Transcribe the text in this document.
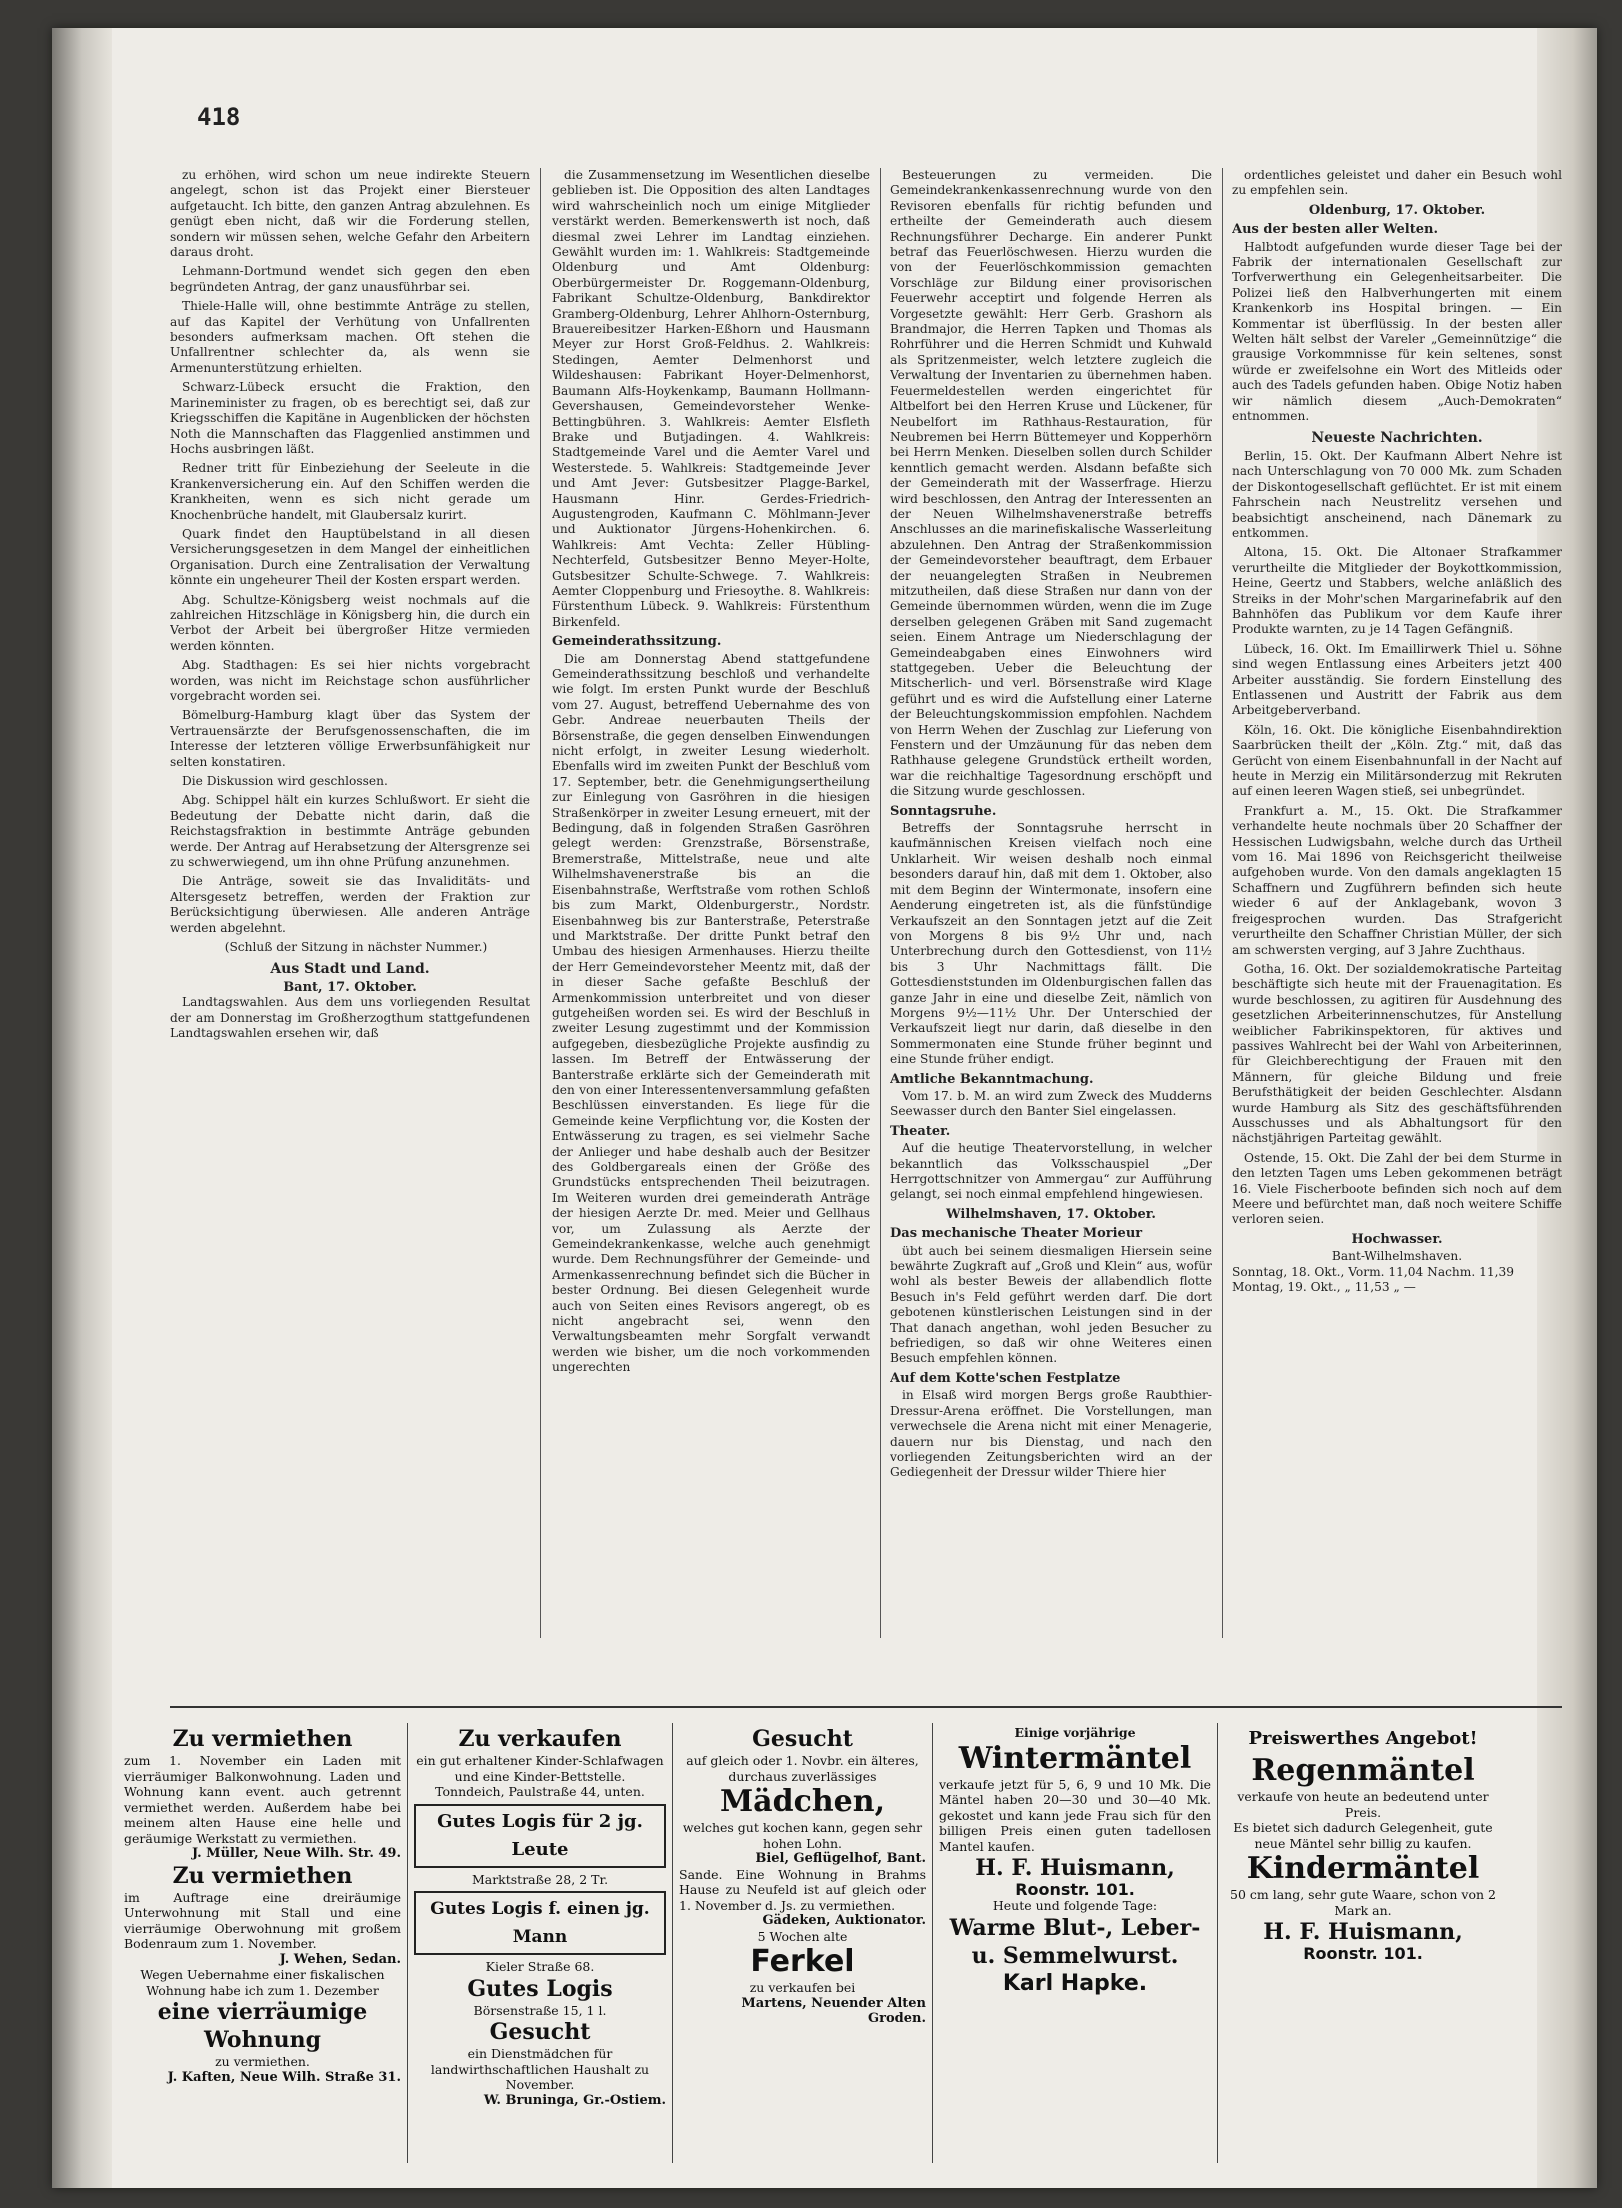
418

zu erhöhen, wird schon um neue indirekte Steuern angelegt, schon ist das Projekt einer Biersteuer aufgetaucht. Ich bitte, den ganzen Antrag abzulehnen. Es genügt eben nicht, daß wir die Forderung stellen, sondern wir müssen sehen, welche Gefahr den Arbeitern daraus droht.

Lehmann-Dortmund wendet sich gegen den eben begründeten Antrag, der ganz unausführbar sei.

Thiele-Halle will, ohne bestimmte Anträge zu stellen, auf das Kapitel der Verhütung von Unfallrenten besonders aufmerksam machen. Oft stehen die Unfallrentner schlechter da, als wenn sie Armenunterstützung erhielten.

Schwarz-Lübeck ersucht die Fraktion, den Marineminister zu fragen, ob es berechtigt sei, daß zur Kriegsschiffen die Kapitäne in Augenblicken der höchsten Noth die Mannschaften das Flaggenlied anstimmen und Hochs ausbringen läßt.

Redner tritt für Einbeziehung der Seeleute in die Krankenversicherung ein. Auf den Schiffen werden die Krankheiten, wenn es sich nicht gerade um Knochenbrüche handelt, mit Glaubersalz kurirt.

Quark findet den Hauptübelstand in all diesen Versicherungsgesetzen in dem Mangel der einheitlichen Organisation. Durch eine Zentralisation der Verwaltung könnte ein ungeheurer Theil der Kosten erspart werden.

Abg. Schultze-Königsberg weist nochmals auf die zahlreichen Hitzschläge in Königsberg hin, die durch ein Verbot der Arbeit bei übergroßer Hitze vermieden werden könnten.

Abg. Stadthagen: Es sei hier nichts vorgebracht worden, was nicht im Reichstage schon ausführlicher vorgebracht worden sei.

Bömelburg-Hamburg klagt über das System der Vertrauensärzte der Berufsgenossenschaften, die im Interesse der letzteren völlige Erwerbsunfähigkeit nur selten konstatiren.

Die Diskussion wird geschlossen.

Abg. Schippel hält ein kurzes Schlußwort. Er sieht die Bedeutung der Debatte nicht darin, daß die Reichstagsfraktion in bestimmte Anträge gebunden werde. Der Antrag auf Herabsetzung der Altersgrenze sei zu schwerwiegend, um ihn ohne Prüfung anzunehmen.

Die Anträge, soweit sie das Invaliditäts- und Altersgesetz betreffen, werden der Fraktion zur Berücksichtigung überwiesen. Alle anderen Anträge werden abgelehnt.

(Schluß der Sitzung in nächster Nummer.)

Aus Stadt und Land.
Bant, 17. Oktober.

Landtagswahlen. Aus dem uns vorliegenden Resultat der am Donnerstag im Großherzogthum stattgefundenen Landtagswahlen ersehen wir, daß

die Zusammensetzung im Wesentlichen dieselbe geblieben ist. Die Opposition des alten Landtages wird wahrscheinlich noch um einige Mitglieder verstärkt werden. Bemerkenswerth ist noch, daß diesmal zwei Lehrer im Landtag einziehen. Gewählt wurden im: 1. Wahlkreis: Stadtgemeinde Oldenburg und Amt Oldenburg: Oberbürgermeister Dr. Roggemann-Oldenburg, Fabrikant Schultze-Oldenburg, Bankdirektor Gramberg-Oldenburg, Lehrer Ahlhorn-Osternburg, Brauereibesitzer Harken-Eßhorn und Hausmann Meyer zur Horst Groß-Feldhus. 2. Wahlkreis: Stedingen, Aemter Delmenhorst und Wildeshausen: Fabrikant Hoyer-Delmenhorst, Baumann Alfs-Hoykenkamp, Baumann Hollmann-Gevershausen, Gemeindevorsteher Wenke-Bettingbühren. 3. Wahlkreis: Aemter Elsfleth Brake und Butjadingen. 4. Wahlkreis: Stadtgemeinde Varel und die Aemter Varel und Westerstede. 5. Wahlkreis: Stadtgemeinde Jever und Amt Jever: Gutsbesitzer Plagge-Barkel, Hausmann Hinr. Gerdes-Friedrich-Augustengroden, Kaufmann C. Möhlmann-Jever und Auktionator Jürgens-Hohenkirchen. 6. Wahlkreis: Amt Vechta: Zeller Hübling-Nechterfeld, Gutsbesitzer Benno Meyer-Holte, Gutsbesitzer Schulte-Schwege. 7. Wahlkreis: Aemter Cloppenburg und Friesoythe. 8. Wahlkreis: Fürstenthum Lübeck. 9. Wahlkreis: Fürstenthum Birkenfeld.

Gemeinderathssitzung.

Die am Donnerstag Abend stattgefundene Gemeinderathssitzung beschloß und verhandelte wie folgt. Im ersten Punkt wurde der Beschluß vom 27. August, betreffend Uebernahme des von Gebr. Andreae neuerbauten Theils der Börsenstraße, die gegen denselben Einwendungen nicht erfolgt, in zweiter Lesung wiederholt. Ebenfalls wird im zweiten Punkt der Beschluß vom 17. September, betr. die Genehmigungsertheilung zur Einlegung von Gasröhren in die hiesigen Straßenkörper in zweiter Lesung erneuert, mit der Bedingung, daß in folgenden Straßen Gasröhren gelegt werden: Grenzstraße, Börsenstraße, Bremerstraße, Mittelstraße, neue und alte Wilhelmshavenerstraße bis an die Eisenbahnstraße, Werftstraße vom rothen Schloß bis zum Markt, Oldenburgerstr., Nordstr. Eisenbahnweg bis zur Banterstraße, Peterstraße und Marktstraße. Der dritte Punkt betraf den Umbau des hiesigen Armenhauses. Hierzu theilte der Herr Gemeindevorsteher Meentz mit, daß der in dieser Sache gefaßte Beschluß der Armenkommission unterbreitet und von dieser gutgeheißen worden sei. Es wird der Beschluß in zweiter Lesung zugestimmt und der Kommission aufgegeben, diesbezügliche Projekte ausfindig zu lassen. Im Betreff der Entwässerung der Banterstraße erklärte sich der Gemeinderath mit den von einer Interessentenversammlung gefaßten Beschlüssen einverstanden. Es liege für die Gemeinde keine Verpflichtung vor, die Kosten der Entwässerung zu tragen, es sei vielmehr Sache der Anlieger und habe deshalb auch der Besitzer des Goldbergareals einen der Größe des Grundstücks entsprechenden Theil beizutragen. Im Weiteren wurden drei gemeinderath Anträge der hiesigen Aerzte Dr. med. Meier und Gellhaus vor, um Zulassung als Aerzte der Gemeindekrankenkasse, welche auch genehmigt wurde. Dem Rechnungsführer der Gemeinde- und Armenkassenrechnung befindet sich die Bücher in bester Ordnung. Bei diesen Gelegenheit wurde auch von Seiten eines Revisors angeregt, ob es nicht angebracht sei, wenn den Verwaltungsbeamten mehr Sorgfalt verwandt werden wie bisher, um die noch vorkommenden ungerechten

Besteuerungen zu vermeiden. Die Gemeindekrankenkassenrechnung wurde von den Revisoren ebenfalls für richtig befunden und ertheilte der Gemeinderath auch diesem Rechnungsführer Decharge. Ein anderer Punkt betraf das Feuerlöschwesen. Hierzu wurden die von der Feuerlöschkommission gemachten Vorschläge zur Bildung einer provisorischen Feuerwehr acceptirt und folgende Herren als Vorgesetzte gewählt: Herr Gerb. Grashorn als Brandmajor, die Herren Tapken und Thomas als Rohrführer und die Herren Schmidt und Kuhwald als Spritzenmeister, welch letztere zugleich die Verwaltung der Inventarien zu übernehmen haben. Feuermeldestellen werden eingerichtet für Altbelfort bei den Herren Kruse und Lückener, für Neubelfort im Rathhaus-Restauration, für Neubremen bei Herrn Büttemeyer und Kopperhörn bei Herrn Menken. Dieselben sollen durch Schilder kenntlich gemacht werden. Alsdann befaßte sich der Gemeinderath mit der Wasserfrage. Hierzu wird beschlossen, den Antrag der Interessenten an der Neuen Wilhelmshavenerstraße betreffs Anschlusses an die marinefiskalische Wasserleitung abzulehnen. Den Antrag der Straßenkommission der Gemeindevorsteher beauftragt, dem Erbauer der neuangelegten Straßen in Neubremen mitzutheilen, daß diese Straßen nur dann von der Gemeinde übernommen würden, wenn die im Zuge derselben gelegenen Gräben mit Sand zugemacht seien. Einem Antrage um Niederschlagung der Gemeindeabgaben eines Einwohners wird stattgegeben. Ueber die Beleuchtung der Mitscherlich- und verl. Börsenstraße wird Klage geführt und es wird die Aufstellung einer Laterne der Beleuchtungskommission empfohlen. Nachdem von Herrn Wehen der Zuschlag zur Lieferung von Fenstern und der Umzäunung für das neben dem Rathhause gelegene Grundstück ertheilt worden, war die reichhaltige Tagesordnung erschöpft und die Sitzung wurde geschlossen.

Sonntagsruhe.

Betreffs der Sonntagsruhe herrscht in kaufmännischen Kreisen vielfach noch eine Unklarheit. Wir weisen deshalb noch einmal besonders darauf hin, daß mit dem 1. Oktober, also mit dem Beginn der Wintermonate, insofern eine Aenderung eingetreten ist, als die fünfstündige Verkaufszeit an den Sonntagen jetzt auf die Zeit von Morgens 8 bis 9½ Uhr und, nach Unterbrechung durch den Gottesdienst, von 11½ bis 3 Uhr Nachmittags fällt. Die Gottesdienststunden im Oldenburgischen fallen das ganze Jahr in eine und dieselbe Zeit, nämlich von Morgens 9½—11½ Uhr. Der Unterschied der Verkaufszeit liegt nur darin, daß dieselbe in den Sommermonaten eine Stunde früher beginnt und eine Stunde früher endigt.

Amtliche Bekanntmachung.

Vom 17. b. M. an wird zum Zweck des Mudderns Seewasser durch den Banter Siel eingelassen.

Theater.

Auf die heutige Theatervorstellung, in welcher bekanntlich das Volksschauspiel „Der Herrgottschnitzer von Ammergau“ zur Aufführung gelangt, sei noch einmal empfehlend hingewiesen.

Wilhelmshaven, 17. Oktober.
Das mechanische Theater Morieur

übt auch bei seinem diesmaligen Hiersein seine bewährte Zugkraft auf „Groß und Klein“ aus, wofür wohl als bester Beweis der allabendlich flotte Besuch in's Feld geführt werden darf. Die dort gebotenen künstlerischen Leistungen sind in der That danach angethan, wohl jeden Besucher zu befriedigen, so daß wir ohne Weiteres einen Besuch empfehlen können.

Auf dem Kotte'schen Festplatze

in Elsaß wird morgen Bergs große Raubthier-Dressur-Arena eröffnet. Die Vorstellungen, man verwechsele die Arena nicht mit einer Menagerie, dauern nur bis Dienstag, und nach den vorliegenden Zeitungsberichten wird an der Gediegenheit der Dressur wilder Thiere hier

ordentliches geleistet und daher ein Besuch wohl zu empfehlen sein.

Oldenburg, 17. Oktober.
Aus der besten aller Welten.

Halbtodt aufgefunden wurde dieser Tage bei der Fabrik der internationalen Gesellschaft zur Torfverwerthung ein Gelegenheitsarbeiter. Die Polizei ließ den Halbverhungerten mit einem Krankenkorb ins Hospital bringen. — Ein Kommentar ist überflüssig. In der besten aller Welten hält selbst der Vareler „Gemeinnützige“ die grausige Vorkommnisse für kein seltenes, sonst würde er zweifelsohne ein Wort des Mitleids oder auch des Tadels gefunden haben. Obige Notiz haben wir nämlich diesem „Auch-Demokraten“ entnommen.

Neueste Nachrichten.

Berlin, 15. Okt. Der Kaufmann Albert Nehre ist nach Unterschlagung von 70 000 Mk. zum Schaden der Diskontogesellschaft geflüchtet. Er ist mit einem Fahrschein nach Neustrelitz versehen und beabsichtigt anscheinend, nach Dänemark zu entkommen.

Altona, 15. Okt. Die Altonaer Strafkammer verurtheilte die Mitglieder der Boykottkommission, Heine, Geertz und Stabbers, welche anläßlich des Streiks in der Mohr'schen Margarinefabrik auf den Bahnhöfen das Publikum vor dem Kaufe ihrer Produkte warnten, zu je 14 Tagen Gefängniß.

Lübeck, 16. Okt. Im Emaillirwerk Thiel u. Söhne sind wegen Entlassung eines Arbeiters jetzt 400 Arbeiter ausständig. Sie fordern Einstellung des Entlassenen und Austritt der Fabrik aus dem Arbeitgeberverband.

Köln, 16. Okt. Die königliche Eisenbahndirektion Saarbrücken theilt der „Köln. Ztg.“ mit, daß das Gerücht von einem Eisenbahnunfall in der Nacht auf heute in Merzig ein Militärsonderzug mit Rekruten auf einen leeren Wagen stieß, sei unbegründet.

Frankfurt a. M., 15. Okt. Die Strafkammer verhandelte heute nochmals über 20 Schaffner der Hessischen Ludwigsbahn, welche durch das Urtheil vom 16. Mai 1896 von Reichsgericht theilweise aufgehoben wurde. Von den damals angeklagten 15 Schaffnern und Zugführern befinden sich heute wieder 6 auf der Anklagebank, wovon 3 freigesprochen wurden. Das Strafgericht verurtheilte den Schaffner Christian Müller, der sich am schwersten verging, auf 3 Jahre Zuchthaus.

Gotha, 16. Okt. Der sozialdemokratische Parteitag beschäftigte sich heute mit der Frauenagitation. Es wurde beschlossen, zu agitiren für Ausdehnung des gesetzlichen Arbeiterinnenschutzes, für Anstellung weiblicher Fabrikinspektoren, für aktives und passives Wahlrecht bei der Wahl von Arbeiterinnen, für Gleichberechtigung der Frauen mit den Männern, für gleiche Bildung und freie Berufsthätigkeit der beiden Geschlechter. Alsdann wurde Hamburg als Sitz des geschäftsführenden Ausschusses und als Abhaltungsort für den nächstjährigen Parteitag gewählt.

Ostende, 15. Okt. Die Zahl der bei dem Sturme in den letzten Tagen ums Leben gekommenen beträgt 16. Viele Fischerboote befinden sich noch auf dem Meere und befürchtet man, daß noch weitere Schiffe verloren seien.

Hochwasser.
Bant-Wilhelmshaven.
Sonntag, 18. Okt., Vorm. 11,04 Nachm. 11,39
Montag, 19. Okt., „ 11,53 „ —
Zu vermiethen
zum 1. November ein Laden mit vierräumiger Balkonwohnung. Laden und Wohnung kann event. auch getrennt vermiethet werden. Außerdem habe bei meinem alten Hause eine helle und geräumige Werkstatt zu vermiethen.
J. Müller, Neue Wilh. Str. 49.
Zu vermiethen
im Auftrage eine dreiräumige Unterwohnung mit Stall und eine vierräumige Oberwohnung mit großem Bodenraum zum 1. November.
J. Wehen, Sedan.
Wegen Uebernahme einer fiskalischen Wohnung habe ich zum 1. Dezember
eine vierräumige Wohnung
zu vermiethen.
J. Kaften, Neue Wilh. Straße 31.
Zu verkaufen
ein gut erhaltener Kinder-Schlafwagen und eine Kinder-Bettstelle.
Tonndeich, Paulstraße 44, unten.
Gutes Logis für 2 jg. Leute
Marktstraße 28, 2 Tr.
Gutes Logis f. einen jg. Mann
Kieler Straße 68.
Gutes Logis
Börsenstraße 15, 1 l.
Gesucht
ein Dienstmädchen für landwirthschaftlichen Haushalt zu November.
W. Bruninga, Gr.-Ostiem.
Gesucht
auf gleich oder 1. Novbr. ein älteres, durchaus zuverlässiges
Mädchen,
welches gut kochen kann, gegen sehr hohen Lohn.
Biel, Geflügelhof, Bant.
Sande. Eine Wohnung in Brahms Hause zu Neufeld ist auf gleich oder 1. November d. Js. zu vermiethen.
Gädeken, Auktionator.
5 Wochen alte
Ferkel
zu verkaufen bei
Martens, Neuender Alten Groden.
Einige vorjährige
Wintermäntel
verkaufe jetzt für 5, 6, 9 und 10 Mk. Die Mäntel haben 20—30 und 30—40 Mk. gekostet und kann jede Frau sich für den billigen Preis einen guten tadellosen Mantel kaufen.
H. F. Huismann,
Roonstr. 101.
Heute und folgende Tage:
Warme Blut-, Leber- u. Semmelwurst.
Karl Hapke.
Preiswerthes Angebot!
Regenmäntel
verkaufe von heute an bedeutend unter Preis.
Es bietet sich dadurch Gelegenheit, gute neue Mäntel sehr billig zu kaufen.
Kindermäntel
50 cm lang, sehr gute Waare, schon von 2 Mark an.
H. F. Huismann,
Roonstr. 101.
